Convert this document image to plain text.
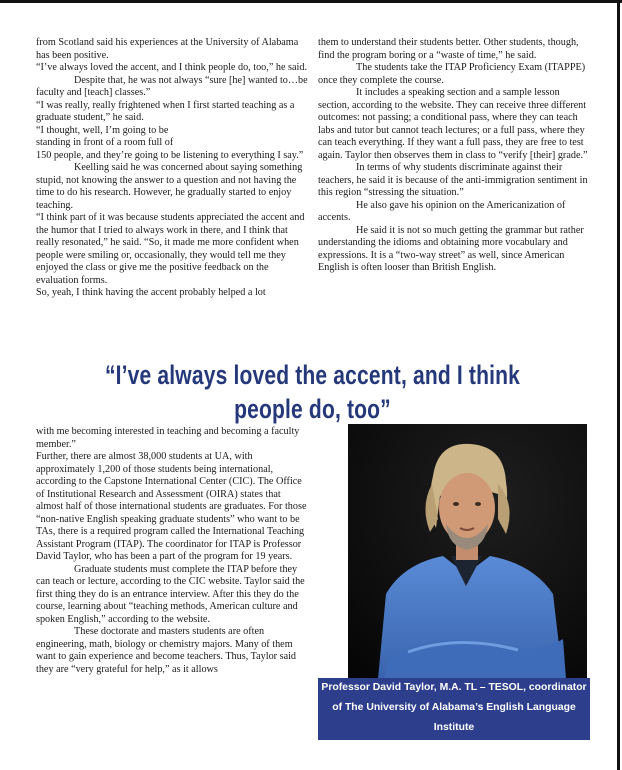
from Scotland said his experiences at the University of Alabama has been positive.

“I’ve always loved the accent, and I think people do, too,” he said.

Despite that, he was not always “sure [he] wanted to…be faculty and [teach] classes.”

“I was really, really frightened when I first started teaching as a graduate student,” he said.

“I thought, well, I’m going to be

standing in front of a room full of

150 people, and they’re going to be listening to everything I say.”

Keelling said he was concerned about saying something stupid, not knowing the answer to a question and not having the time to do his research. However, he gradually started to enjoy teaching.

“I think part of it was because students appreciated the accent and the humor that I tried to always work in there, and I think that really resonated,” he said. “So, it made me more confident when people were smiling or, occasionally, they would tell me they enjoyed the class or give me the positive feedback on the evaluation forms.

So, yeah, I think having the accent probably helped a lot

them to understand their students better. Other students, though, find the program boring or a “waste of time,” he said.

The students take the ITAP Proficiency Exam (ITAPPE) once they complete the course.

It includes a speaking section and a sample lesson section, according to the website. They can receive three different outcomes: not passing; a conditional pass, where they can teach labs and tutor but cannot teach lectures; or a full pass, where they can teach everything. If they want a full pass, they are free to test again. Taylor then observes them in class to “verify [their] grade.”

In terms of why students discriminate against their teachers, he said it is because of the anti-immigration sentiment in this region “stressing the situation.”

He also gave his opinion on the Americanization of accents.

He said it is not so much getting the grammar but rather understanding the idioms and obtaining more vocabulary and expressions. It is a “two-way street” as well, since American English is often looser than British English.

“I’ve always loved the accent, and I think people do, too”

with me becoming interested in teaching and becoming a faculty member.”

Further, there are almost 38,000 students at UA, with approximately 1,200 of those students being international, according to the Capstone International Center (CIC). The Office of Institutional Research and Assessment (OIRA) states that almost half of those international students are graduates. For those “non-native English speaking graduate students” who want to be TAs, there is a required program called the International Teaching Assistant Program (ITAP). The coordinator for ITAP is Professor David Taylor, who has been a part of the program for 19 years.

Graduate students must complete the ITAP before they can teach or lecture, according to the CIC website. Taylor said the first thing they do is an entrance interview. After this they do the course, learning about “teaching methods, American culture and spoken English,” according to the website.

These doctorate and masters students are often engineering, math, biology or chemistry majors. Many of them want to gain experience and become teachers. Thus, Taylor said they are “very grateful for help,” as it allows

Professor David Taylor, M.A. TL – TESOL, coordinator of The University of Alabama’s English Language Institute
